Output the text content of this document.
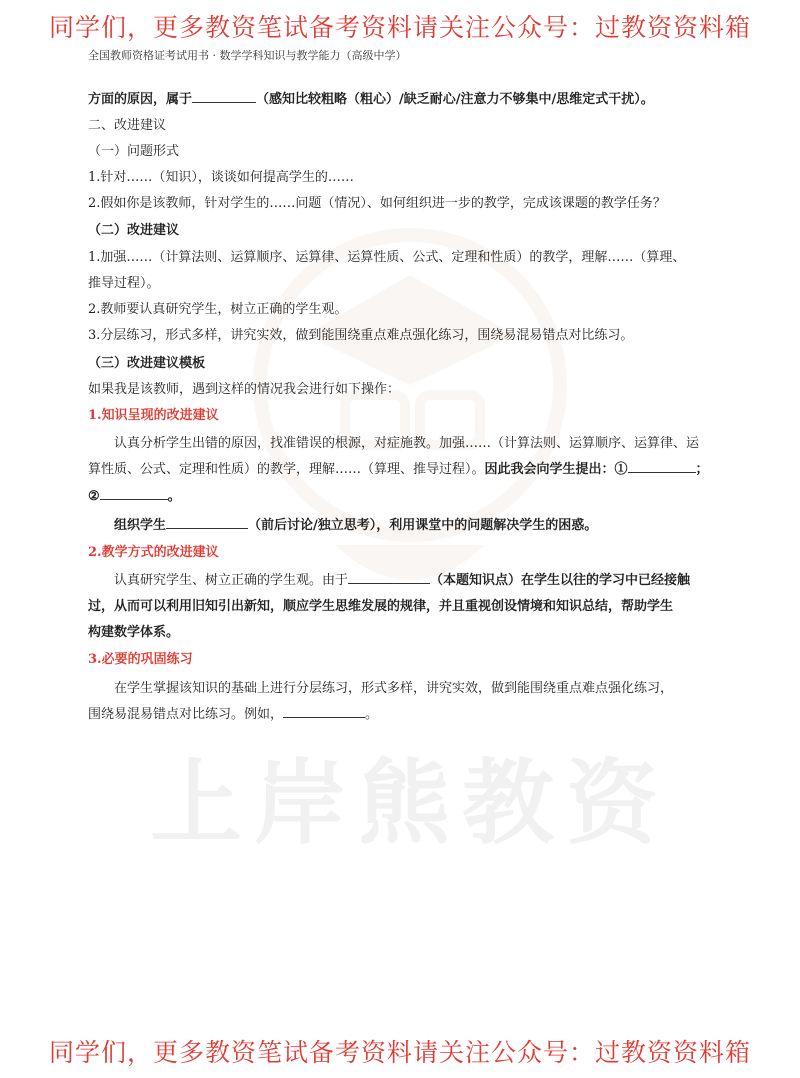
同学们，更多教资笔试备考资料请关注公众号：过教资资料箱
全国教师资格证考试用书 · 数学学科知识与教学能力（高级中学）
上岸熊教资
方面的原因，属于	（感知比较粗略（粗心）/缺乏耐心/注意力不够集中/思维定式干扰）。
二、改进建议
（一）问题形式
1.针对……（知识），谈谈如何提高学生的……
2.假如你是该教师，针对学生的……问题（情况）、如何组织进一步的教学，完成该课题的教学任务？
（二）改进建议
1.加强……（计算法则、运算顺序、运算律、运算性质、公式、定理和性质）的教学，理解……（算理、
推导过程）。
2.教师要认真研究学生，树立正确的学生观。
3.分层练习，形式多样，讲究实效，做到能围绕重点难点强化练习，围绕易混易错点对比练习。
（三）改进建议模板
如果我是该教师，遇到这样的情况我会进行如下操作：
1.知识呈现的改进建议
认真分析学生出错的原因，找准错误的根源，对症施教。加强……（计算法则、运算顺序、运算律、运
算性质、公式、定理和性质）的教学，理解……（算理、推导过程）。因此我会向学生提出：①	；
②	。
组织学生	（前后讨论/独立思考），利用课堂中的问题解决学生的困惑。
2.教学方式的改进建议
认真研究学生、树立正确的学生观。由于	（本题知识点）在学生以往的学习中已经接触
过，从而可以利用旧知引出新知，顺应学生思维发展的规律，并且重视创设情境和知识总结，帮助学生
构建数学体系。
3.必要的巩固练习
在学生掌握该知识的基础上进行分层练习，形式多样，讲究实效，做到能围绕重点难点强化练习，
围绕易混易错点对比练习。例如，	。
同学们，更多教资笔试备考资料请关注公众号：过教资资料箱
